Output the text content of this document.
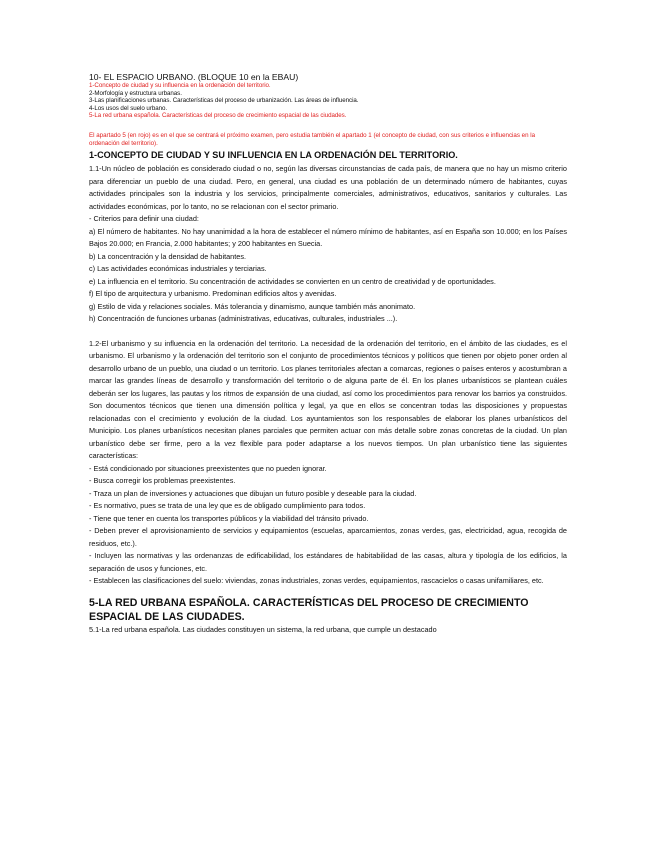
10- EL ESPACIO URBANO. (BLOQUE 10 en la EBAU)

1-Concepto de ciudad y su influencia en la ordenación del territorio.

2-Morfología y estructura urbanas.

3-Las planificaciones urbanas. Características del proceso de urbanización. Las áreas de influencia.

4-Los usos del suelo urbano.

5-La red urbana española. Características del proceso de crecimiento espacial de las ciudades.

El apartado 5 (en rojo) es en el que se centrará el próximo examen, pero estudia también el apartado 1 (el concepto de ciudad, con sus criterios e influencias en la ordenación del territorio).

1-CONCEPTO DE CIUDAD Y SU INFLUENCIA EN LA ORDENACIÓN DEL TERRITORIO.

1.1-Un núcleo de población es considerado ciudad o no, según las diversas circunstancias de cada país, de manera que no hay un mismo criterio para diferenciar un pueblo de una ciudad. Pero, en general, una ciudad es una población de un determinado número de habitantes, cuyas actividades principales son la industria y los servicios, principalmente comerciales, administrativos, educativos, sanitarios y culturales. Las actividades económicas, por lo tanto, no se relacionan con el sector primario.

- Criterios para definir una ciudad:

a) El número de habitantes. No hay unanimidad a la hora de establecer el número mínimo de habitantes, así en España son 10.000; en los Países Bajos 20.000; en Francia, 2.000 habitantes; y 200 habitantes en Suecia.

b) La concentración y la densidad de habitantes.

c) Las actividades económicas industriales y terciarias.

e) La influencia en el territorio. Su concentración de actividades se convierten en un centro de creatividad y de oportunidades.

f) El tipo de arquitectura y urbanismo. Predominan edificios altos y avenidas.

g) Estilo de vida y relaciones sociales. Más tolerancia y dinamismo, aunque también más anonimato.

h) Concentración de funciones urbanas (administrativas, educativas, culturales, industriales ...).

1.2-El urbanismo y su influencia en la ordenación del territorio. La necesidad de la ordenación del territorio, en el ámbito de las ciudades, es el urbanismo. El urbanismo y la ordenación del territorio son el conjunto de procedimientos técnicos y políticos que tienen por objeto poner orden al desarrollo urbano de un pueblo, una ciudad o un territorio. Los planes territoriales afectan a comarcas, regiones o países enteros y acostumbran a marcar las grandes líneas de desarrollo y transformación del territorio o de alguna parte de él. En los planes urbanísticos se plantean cuáles deberán ser los lugares, las pautas y los ritmos de expansión de una ciudad, así como los procedimientos para renovar los barrios ya construidos. Son documentos técnicos que tienen una dimensión política y legal, ya que en ellos se concentran todas las disposiciones y propuestas relacionadas con el crecimiento y evolución de la ciudad. Los ayuntamientos son los responsables de elaborar los planes urbanísticos del Municipio. Los planes urbanísticos necesitan planes parciales que permiten actuar con más detalle sobre zonas concretas de la ciudad. Un plan urbanístico debe ser firme, pero a la vez flexible para poder adaptarse a los nuevos tiempos. Un plan urbanístico tiene las siguientes características:

- Está condicionado por situaciones preexistentes que no pueden ignorar.

- Busca corregir los problemas preexistentes.

- Traza un plan de inversiones y actuaciones que dibujan un futuro posible y deseable para la ciudad.

- Es normativo, pues se trata de una ley que es de obligado cumplimiento para todos.

- Tiene que tener en cuenta los transportes públicos y la viabilidad del tránsito privado.

- Deben prever el aprovisionamiento de servicios y equipamientos (escuelas, aparcamientos, zonas verdes, gas, electricidad, agua, recogida de residuos, etc.).

- Incluyen las normativas y las ordenanzas de edificabilidad, los estándares de habitabilidad de las casas, altura y tipología de los edificios, la separación de usos y funciones, etc.

- Establecen las clasificaciones del suelo: viviendas, zonas industriales, zonas verdes, equipamientos, rascacielos o casas unifamiliares, etc.

5-LA RED URBANA ESPAÑOLA. CARACTERÍSTICAS DEL PROCESO DE CRECIMIENTO ESPACIAL DE LAS CIUDADES.

5.1-La red urbana española. Las ciudades constituyen un sistema, la red urbana, que cumple un destacado
